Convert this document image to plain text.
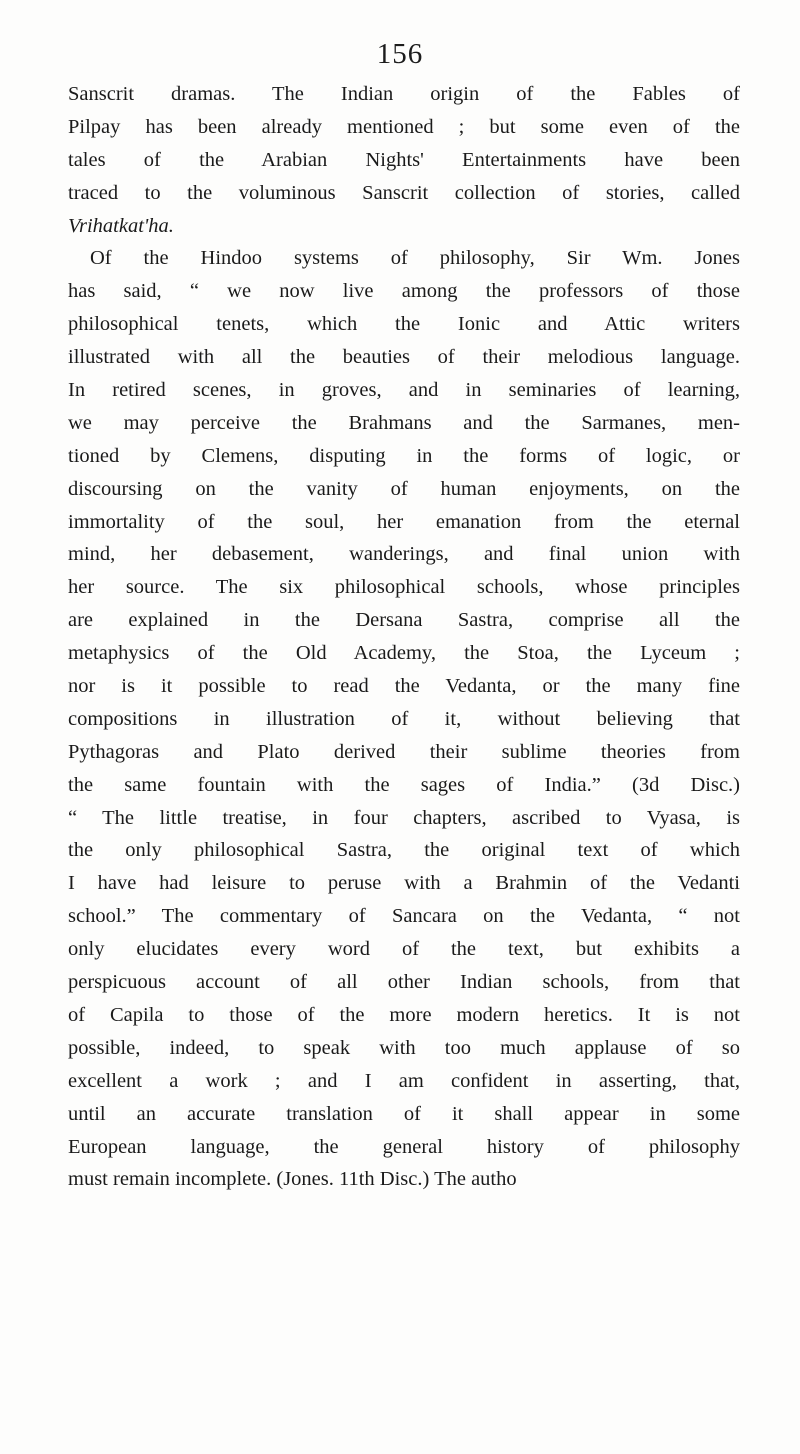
156
Sanscrit dramas. The Indian origin of the Fables of
Pilpay has been already mentioned ; but some even of the
tales of the Arabian Nights' Entertainments have been
traced to the voluminous Sanscrit collection of stories, called
Vrihatkat'ha.
Of the Hindoo systems of philosophy, Sir Wm. Jones
has said, “ we now live among the professors of those
philosophical tenets, which the Ionic and Attic writers
illustrated with all the beauties of their melodious language.
In retired scenes, in groves, and in seminaries of learning,
we may perceive the Brahmans and the Sarmanes, men-
tioned by Clemens, disputing in the forms of logic, or
discoursing on the vanity of human enjoyments, on the
immortality of the soul, her emanation from the eternal
mind, her debasement, wanderings, and final union with
her source. The six philosophical schools, whose principles
are explained in the Dersana Sastra, comprise all the
metaphysics of the Old Academy, the Stoa, the Lyceum ;
nor is it possible to read the Vedanta, or the many fine
compositions in illustration of it, without believing that
Pythagoras and Plato derived their sublime theories from
the same fountain with the sages of India.” (3d Disc.)
“ The little treatise, in four chapters, ascribed to Vyasa, is
the only philosophical Sastra, the original text of which
I have had leisure to peruse with a Brahmin of the Vedanti
school.” The commentary of Sancara on the Vedanta, “ not
only elucidates every word of the text, but exhibits a
perspicuous account of all other Indian schools, from that
of Capila to those of the more modern heretics. It is not
possible, indeed, to speak with too much applause of so
excellent a work ; and I am confident in asserting, that,
until an accurate translation of it shall appear in some
European language, the general history of philosophy
must remain incomplete. (Jones. 11th Disc.) The autho
